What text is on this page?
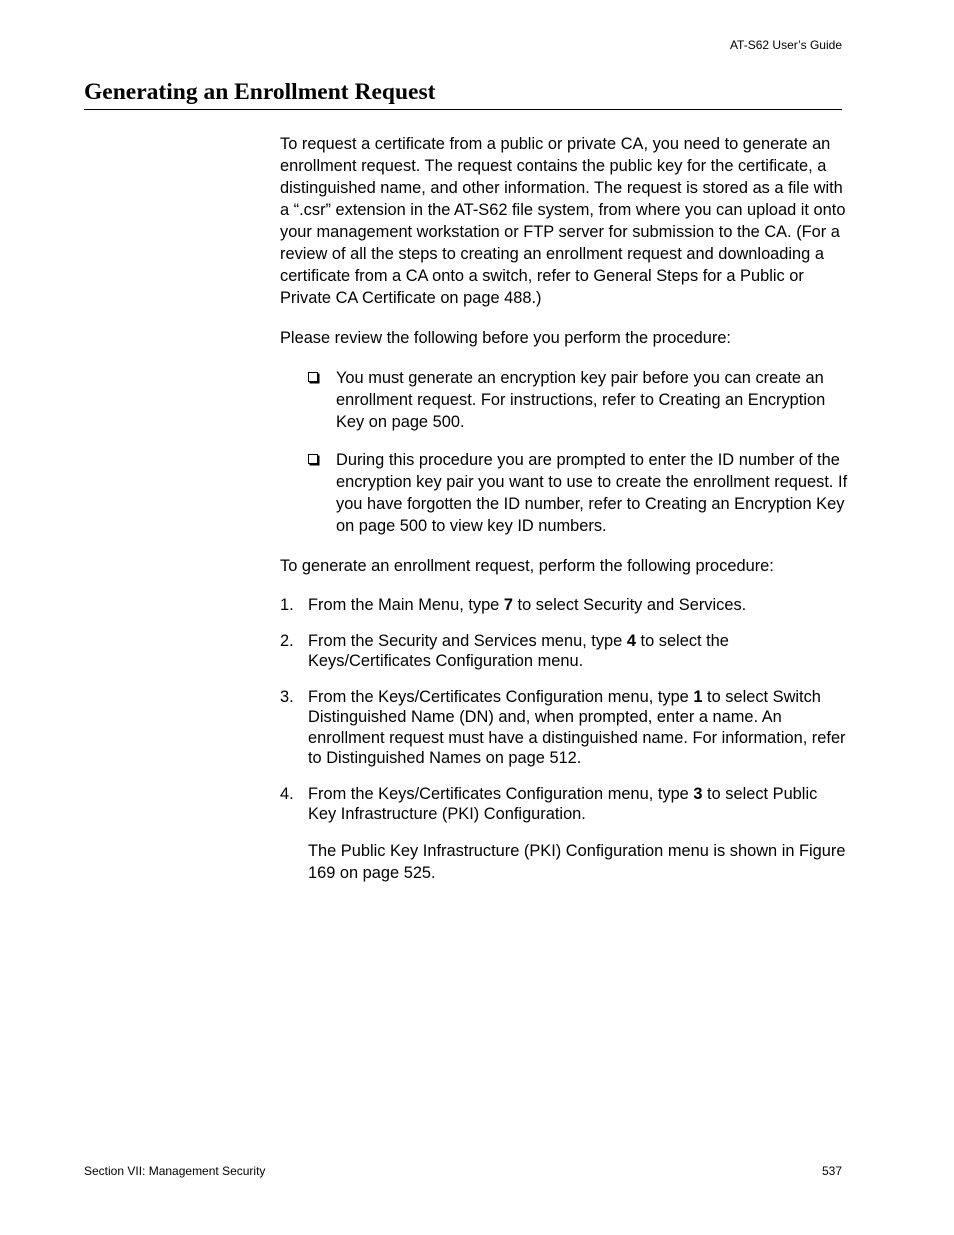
AT-S62 User’s Guide
Generating an Enrollment Request

To request a certificate from a public or private CA, you need to generate an enrollment request. The request contains the public key for the certificate, a distinguished name, and other information. The request is stored as a file with a “.csr” extension in the AT-S62 file system, from where you can upload it onto your management workstation or FTP server for submission to the CA. (For a review of all the steps to creating an enrollment request and downloading a certificate from a CA onto a switch, refer to General Steps for a Public or Private CA Certificate on page 488.)

Please review the following before you perform the procedure:

You must generate an encryption key pair before you can create an enrollment request. For instructions, refer to Creating an Encryption Key on page 500.
During this procedure you are prompted to enter the ID number of the encryption key pair you want to use to create the enrollment request. If you have forgotten the ID number, refer to Creating an Encryption Key on page 500 to view key ID numbers.

To generate an enrollment request, perform the following procedure:

1. From the Main Menu, type 7 to select Security and Services.
2. From the Security and Services menu, type 4 to select the Keys/Certificates Configuration menu.
3. From the Keys/Certificates Configuration menu, type 1 to select Switch Distinguished Name (DN) and, when prompted, enter a name. An enrollment request must have a distinguished name. For information, refer to Distinguished Names on page 512.
4. From the Keys/Certificates Configuration menu, type 3 to select Public Key Infrastructure (PKI) Configuration.

The Public Key Infrastructure (PKI) Configuration menu is shown in Figure 169 on page 525.

Section VII: Management Security	537
